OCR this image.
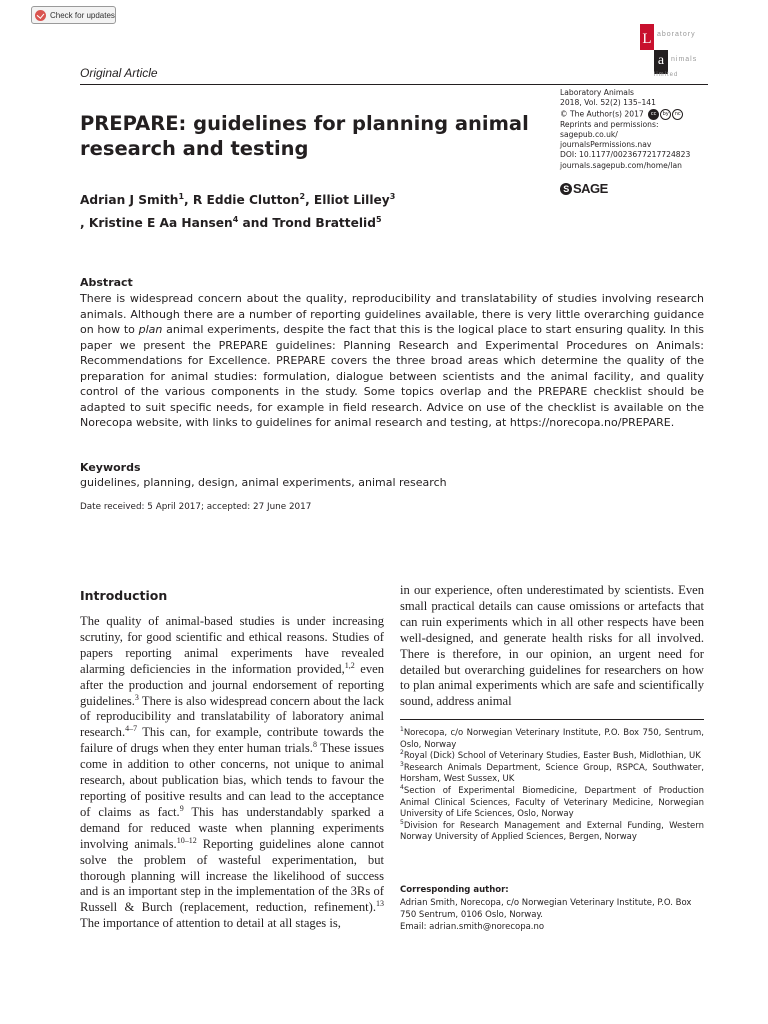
Check for updates
L
a
aboratory
nimals
limited
Original Article
PREPARE: guidelines for planning animal research and testing
Adrian J Smith$^1$, R Eddie Clutton$^2$, Elliot Lilley$^3$
, Kristine E Aa Hansen$^4$ and Trond Brattelid$^5$
Laboratory Animals
2018, Vol. 52(2) 135–141
© The Author(s) 2017	cc	by	nc
Reprints and permissions:
sagepub.co.uk/
journalsPermissions.nav
DOI: 10.1177/0023677217724823
journals.sagepub.com/home/lan
S SAGE
Abstract

There is widespread concern about the quality, reproducibility and translatability of studies involving research animals. Although there are a number of reporting guidelines available, there is very little overarching guidance on how to plan animal experiments, despite the fact that this is the logical place to start ensuring quality. In this paper we present the PREPARE guidelines: Planning Research and Experimental Procedures on Animals: Recommendations for Excellence. PREPARE covers the three broad areas which determine the quality of the preparation for animal studies: formulation, dialogue between scientists and the animal facility, and quality control of the various components in the study. Some topics overlap and the PREPARE checklist should be adapted to suit specific needs, for example in field research. Advice on use of the checklist is available on the Norecopa website, with links to guidelines for animal research and testing, at https://norecopa.no/PREPARE.

Keywords
guidelines, planning, design, animal experiments, animal research
Date received: 5 April 2017; accepted: 27 June 2017
Introduction

The quality of animal-based studies is under increasing scrutiny, for good scientific and ethical reasons. Studies of papers reporting animal experiments have revealed alarming deficiencies in the information provided,$^{1,2}$ even after the production and journal endorsement of reporting guidelines.$^3$ There is also widespread concern about the lack of reproducibility and translatability of laboratory animal research.$^{4-7}$ This can, for example, contribute towards the failure of drugs when they enter human trials.$^8$ These issues come in addition to other concerns, not unique to animal research, about publication bias, which tends to favour the reporting of positive results and can lead to the acceptance of claims as fact.$^9$ This has understandably sparked a demand for reduced waste when planning experiments involving animals.$^{10-12}$ Reporting guidelines alone cannot solve the problem of wasteful experimentation, but thorough planning will increase the likelihood of success and is an important step in the implementation of the 3Rs of Russell & Burch (replacement, reduction, refinement).$^{13}$ The importance of attention to detail at all stages is,

in our experience, often underestimated by scientists. Even small practical details can cause omissions or artefacts that can ruin experiments which in all other respects have been well-designed, and generate health risks for all involved. There is therefore, in our opinion, an urgent need for detailed but overarching guidelines for researchers on how to plan animal experiments which are safe and scientifically sound, address animal

$^1$Norecopa, c/o Norwegian Veterinary Institute, P.O. Box 750, Sentrum, Oslo, Norway
$^2$Royal (Dick) School of Veterinary Studies, Easter Bush, Midlothian, UK
$^3$Research Animals Department, Science Group, RSPCA, Southwater, Horsham, West Sussex, UK
$^4$Section of Experimental Biomedicine, Department of Production Animal Clinical Sciences, Faculty of Veterinary Medicine, Norwegian University of Life Sciences, Oslo, Norway
$^5$Division for Research Management and External Funding, Western Norway University of Applied Sciences, Bergen, Norway
Corresponding author:
Adrian Smith, Norecopa, c/o Norwegian Veterinary Institute, P.O. Box 750 Sentrum, 0106 Oslo, Norway.
Email: adrian.smith@norecopa.no
